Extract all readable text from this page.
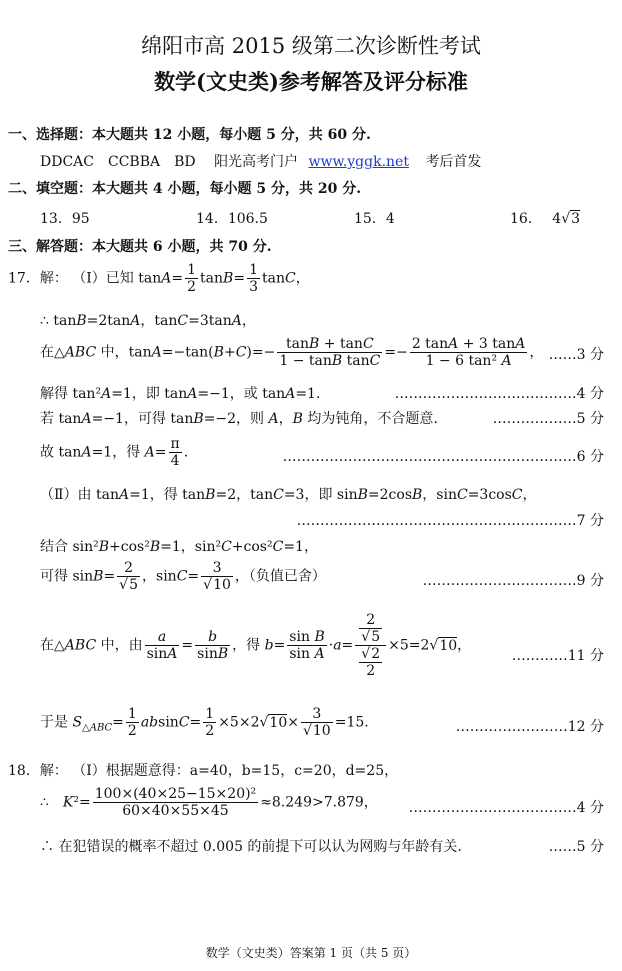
绵阳市高 2015 级第二次诊断性考试
数学(文史类)参考解答及评分标准
一、选择题：本大题共 12 小题，每小题 5 分，共 60 分.
DDCAC　CCBBA　BD 阳光高考门户 www.yggk.net 考后首发
二、填空题：本大题共 4 小题，每小题 5 分，共 20 分.
13．95	14．106.5	15．4	16． 4√3
三、解答题：本大题共 6 小题，共 70 分.
17．解： （Ⅰ）已知 $\tan A= \frac{1}{2} \tan B= \frac{1}{3}$ tanC，
∴ tanB=2tanA，tanC=3tanA，
在△ABC 中，$\tan A=-\tan(B+C)=- \frac{\tan B + \tan C}{\text{1 − tanB tanC}} =- \frac{2 \tan A + 3 \tan A}{\text{1 − 6 tan² A}}$ ， ……3 分
解得 tan²A=1，即 tanA=−1，或 tanA=1.	…………………………………4 分
若 tanA=−1，可得 tanB=−2，则 A，B 均为钝角，不合题意.	………………5 分
故 tanA=1，得 $A= \frac{\pi}{4}$ .	………………………………………………………6 分
（Ⅱ）由 tanA=1，得 tanB=2，tanC=3，即 sinB=2cosB，sinC=3cosC，
……………………………………………………7 分
结合 sin²B+cos²B=1，sin²C+cos²C=1，
可得 $\sin B= \frac{2}{√5}$ ，$\sin C= \frac{3}{√10}$ ，（负值已舍）	……………………………9 分
在△ABC 中，由 $\frac{a}{\sin A} = \frac{b}{\sin B}$ ，得 $b= \frac{\text{sin B}}{\text{sin A}} \cdot a= \frac{\frac{2}{√5}}{\frac{√2}{2}} \times 5=2√10$，
…………11 分
于是 $S_{\triangle ABC}= \frac{1}{2} absinC= \frac{1}{2} \times 5\times 2√10\times \frac{3}{√10} =15$.	……………………12 分
18．解： （Ⅰ）根据题意得：a=40，b=15，c=20，d=25，
∴　$K^2= \frac{\text{100×(40×25−15×20)²}}{60\times 40\times 55\times 45} \approx 8.249>7.879$， ………………………………4 分
∴ 在犯错误的概率不超过 0.005 的前提下可以认为网购与年龄有关.	……5 分
数学（文史类）答案第 1 页（共 5 页）
